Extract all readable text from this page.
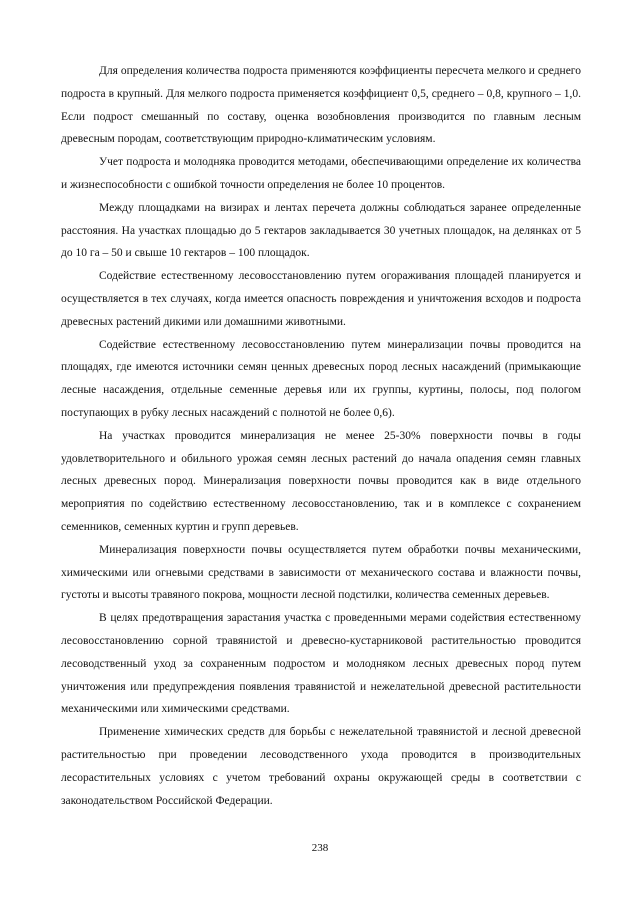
Для определения количества подроста применяются коэффициенты пересчета мелкого и среднего подроста в крупный. Для мелкого подроста применяется коэффициент 0,5, среднего – 0,8, крупного – 1,0. Если подрост смешанный по составу, оценка возобновления производится по главным лесным древесным породам, соответствующим природно-климатическим условиям.

Учет подроста и молодняка проводится методами, обеспечивающими определение их количества и жизнеспособности с ошибкой точности определения не более 10 процентов.

Между площадками на визирах и лентах перечета должны соблюдаться заранее определенные расстояния. На участках площадью до 5 гектаров закладывается 30 учетных площадок, на делянках от 5 до 10 га – 50 и свыше 10 гектаров – 100 площадок.

Содействие естественному лесовосстановлению путем огораживания площадей планируется и осуществляется в тех случаях, когда имеется опасность повреждения и уничтожения всходов и подроста древесных растений дикими или домашними животными.

Содействие естественному лесовосстановлению путем минерализации почвы проводится на площадях, где имеются источники семян ценных древесных пород лесных насаждений (примыкающие лесные насаждения, отдельные семенные деревья или их группы, куртины, полосы, под пологом поступающих в рубку лесных насаждений с полнотой не более 0,6).

На участках проводится минерализация не менее 25-30% поверхности почвы в годы удовлетворительного и обильного урожая семян лесных растений до начала опадения семян главных лесных древесных пород. Минерализация поверхности почвы проводится как в виде отдельного мероприятия по содействию естественному лесовосстановлению, так и в комплексе с сохранением семенников, семенных куртин и групп деревьев.

Минерализация поверхности почвы осуществляется путем обработки почвы механическими, химическими или огневыми средствами в зависимости от механического состава и влажности почвы, густоты и высоты травяного покрова, мощности лесной подстилки, количества семенных деревьев.

В целях предотвращения зарастания участка с проведенными мерами содействия естественному лесовосстановлению сорной травянистой и древесно-кустарниковой растительностью проводится лесоводственный уход за сохраненным подростом и молодняком лесных древесных пород путем уничтожения или предупреждения появления травянистой и нежелательной древесной растительности механическими или химическими средствами.

Применение химических средств для борьбы с нежелательной травянистой и лесной древесной растительностью при проведении лесоводственного ухода проводится в производительных лесорастительных условиях с учетом требований охраны окружающей среды в соответствии с законодательством Российской Федерации.

238
